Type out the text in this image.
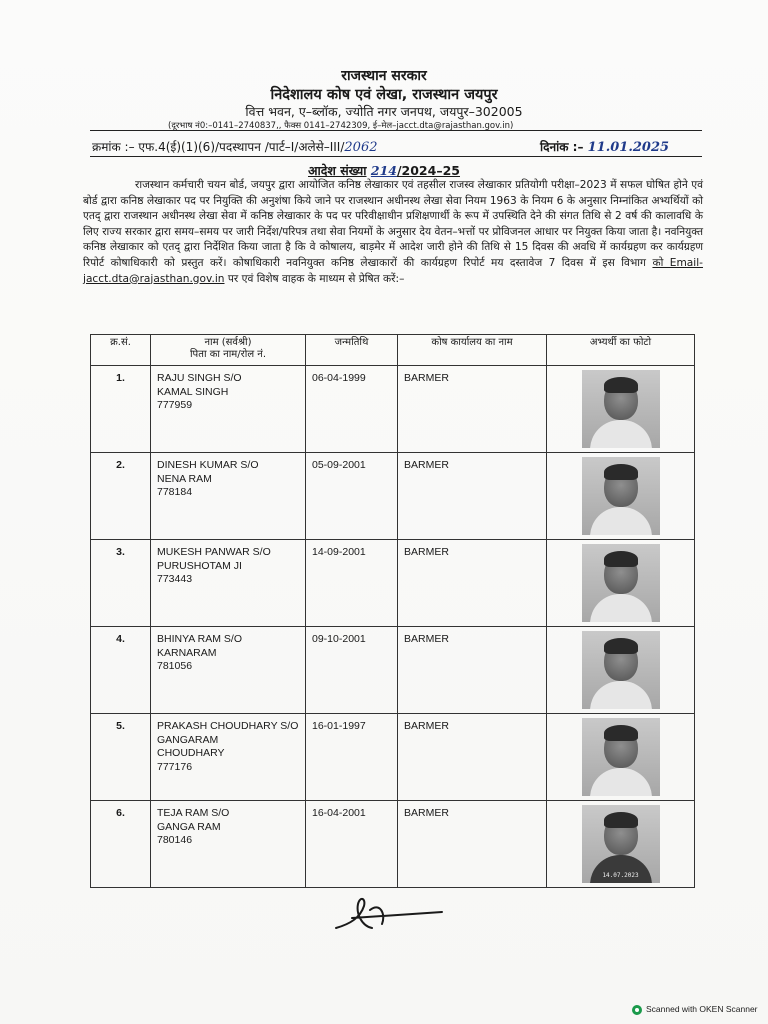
राजस्थान सरकार
निदेशालय कोष एवं लेखा, राजस्थान जयपुर
वित्त भवन, ए–ब्लॉक, ज्योति नगर जनपथ, जयपुर–302005
(दूरभाष नं0:–0141–2740837,, फैक्स 0141–2742309, ई–मेल–jacct.dta@rajasthan.gov.in)
क्रमांक :– एफ.4(ई)(1)(6)/पदस्थापन /पार्ट–I/अलेसे–III/2062	दिनांक :– 11.01.2025
आदेश संख्या 214/2024–25
राजस्थान कर्मचारी चयन बोर्ड, जयपुर द्वारा आयोजित कनिष्ठ लेखाकार एवं तहसील राजस्व लेखाकार प्रतियोगी परीक्षा–2023 में सफल घोषित होने एवं बोर्ड द्वारा कनिष्ठ लेखाकार पद पर नियुक्ति की अनुशंषा किये जाने पर राजस्थान अधीनस्थ लेखा सेवा नियम 1963 के नियम 6 के अनुसार निम्नांकित अभ्यर्थियों को एतद् द्वारा राजस्थान अधीनस्थ लेखा सेवा में कनिष्ठ लेखाकार के पद पर परिवीक्षाधीन प्रशिक्षणार्थी के रूप में उपस्थिति देने की संगत तिथि से 2 वर्ष की कालावधि के लिए राज्य सरकार द्वारा समय–समय पर जारी निर्देश/परिपत्र तथा सेवा नियमों के अनुसार देय वेतन–भत्तों पर प्रोविजनल आधार पर नियुक्त किया जाता है। नवनियुक्त कनिष्ठ लेखाकार को एतद् द्वारा निर्देशित किया जाता है कि वे कोषालय, बाड़मेर में आदेश जारी होने की तिथि से 15 दिवस की अवधि में कार्यग्रहण कर कार्यग्रहण रिपोर्ट कोषाधिकारी को प्रस्तुत करें। कोषाधिकारी नवनियुक्त कनिष्ठ लेखाकारों की कार्यग्रहण रिपोर्ट मय दस्तावेज 7 दिवस में इस विभाग को Email-jacct.dta@rajasthan.gov.in पर एवं विशेष वाहक के माध्यम से प्रेषित करें:–
क्र.सं.	नाम (सर्वश्री)
पिता का नाम/रोल नं.	जन्मतिथि	कोष कार्यालय का नाम	अभ्यर्थी का फोटो
1.	RAJU SINGH S/O
KAMAL SINGH
777959	06-04-1999	BARMER	

2.	DINESH KUMAR S/O
NENA RAM
778184	05-09-2001	BARMER	

3.	MUKESH PANWAR S/O
PURUSHOTAM JI
773443	14-09-2001	BARMER	

4.	BHINYA RAM S/O
KARNARAM
781056	09-10-2001	BARMER	

5.	PRAKASH CHOUDHARY S/O
GANGARAM
CHOUDHARY
777176	16-01-1997	BARMER	

6.	TEJA RAM S/O
GANGA RAM
780146	16-04-2001	BARMER	14.07.2023
Scanned with OKEN Scanner
